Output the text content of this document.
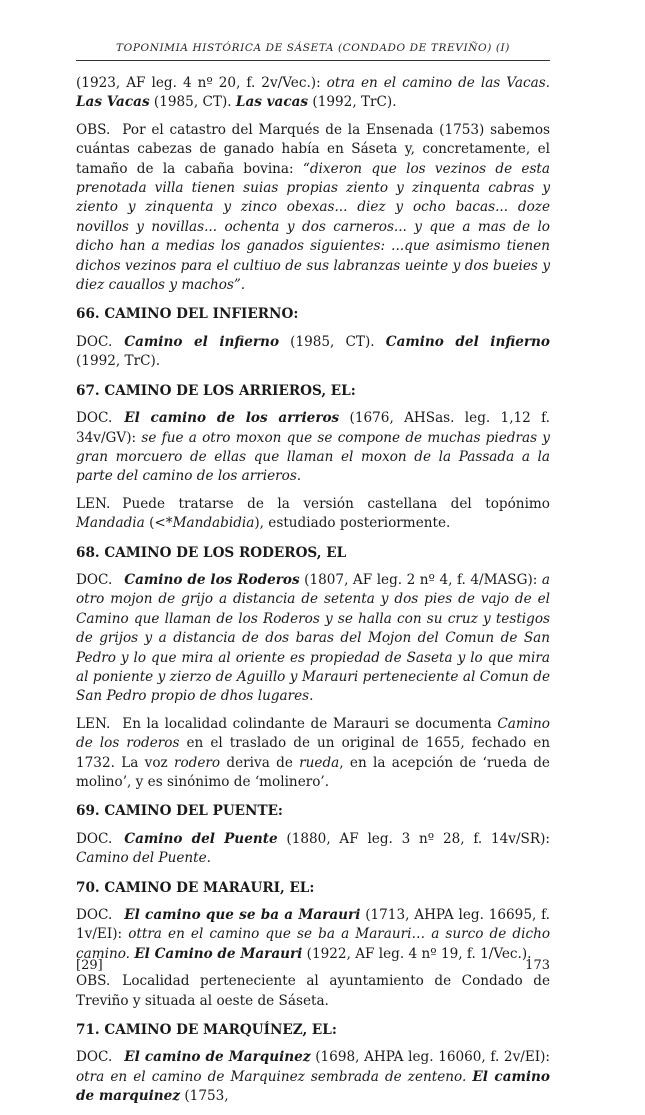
TOPONIMIA HISTÓRICA DE SÁSETA (CONDADO DE TREVIÑO) (I)
(1923, AF leg. 4 nº 20, f. 2v/Vec.): otra en el camino de las Vacas. Las Vacas (1985, CT). Las vacas (1992, TrC).
OBS. Por el catastro del Marqués de la Ensenada (1753) sabemos cuántas cabezas de ganado había en Sáseta y, concretamente, el tamaño de la cabaña bovina: “dixeron que los vezinos de esta prenotada villa tienen suias propias ziento y zinquenta cabras y ziento y zinquenta y zinco obexas... diez y ocho bacas... doze novillos y novillas... ochenta y dos carneros... y que a mas de lo dicho han a medias los ganados siguientes: ...que asimismo tienen dichos vezinos para el cultiuo de sus labranzas ueinte y dos bueies y diez cauallos y machos”.
66. CAMINO DEL INFIERNO:
DOC. Camino el infierno (1985, CT). Camino del infierno (1992, TrC).
67. CAMINO DE LOS ARRIEROS, EL:
DOC. El camino de los arrieros (1676, AHSas. leg. 1,12 f. 34v/GV): se fue a otro moxon que se compone de muchas piedras y gran morcuero de ellas que llaman el moxon de la Passada a la parte del camino de los arrieros.
LEN. Puede tratarse de la versión castellana del topónimo Mandadia (<*Mandabidia), estudiado posteriormente.
68. CAMINO DE LOS RODEROS, EL
DOC. Camino de los Roderos (1807, AF leg. 2 nº 4, f. 4/MASG): a otro mojon de grijo a distancia de setenta y dos pies de vajo de el Camino que llaman de los Roderos y se halla con su cruz y testigos de grijos y a distancia de dos baras del Mojon del Comun de San Pedro y lo que mira al oriente es propiedad de Saseta y lo que mira al poniente y zierzo de Aguillo y Marauri perteneciente al Comun de San Pedro propio de dhos lugares.
LEN. En la localidad colindante de Marauri se documenta Camino de los roderos en el traslado de un original de 1655, fechado en 1732. La voz rodero deriva de rueda, en la acepción de ‘rueda de molino’, y es sinónimo de ‘molinero’.
69. CAMINO DEL PUENTE:
DOC. Camino del Puente (1880, AF leg. 3 nº 28, f. 14v/SR): Camino del Puente.
70. CAMINO DE MARAURI, EL:
DOC. El camino que se ba a Marauri (1713, AHPA leg. 16695, f. 1v/EI): ottra en el camino que se ba a Marauri… a surco de dicho camino. El Camino de Marauri (1922, AF leg. 4 nº 19, f. 1/Vec.).
OBS. Localidad perteneciente al ayuntamiento de Condado de Treviño y situada al oeste de Sáseta.
71. CAMINO DE MARQUÍNEZ, EL:
DOC. El camino de Marquinez (1698, AHPA leg. 16060, f. 2v/EI): otra en el camino de Marquinez sembrada de zenteno. El camino de marquinez (1753,
[29]	173
